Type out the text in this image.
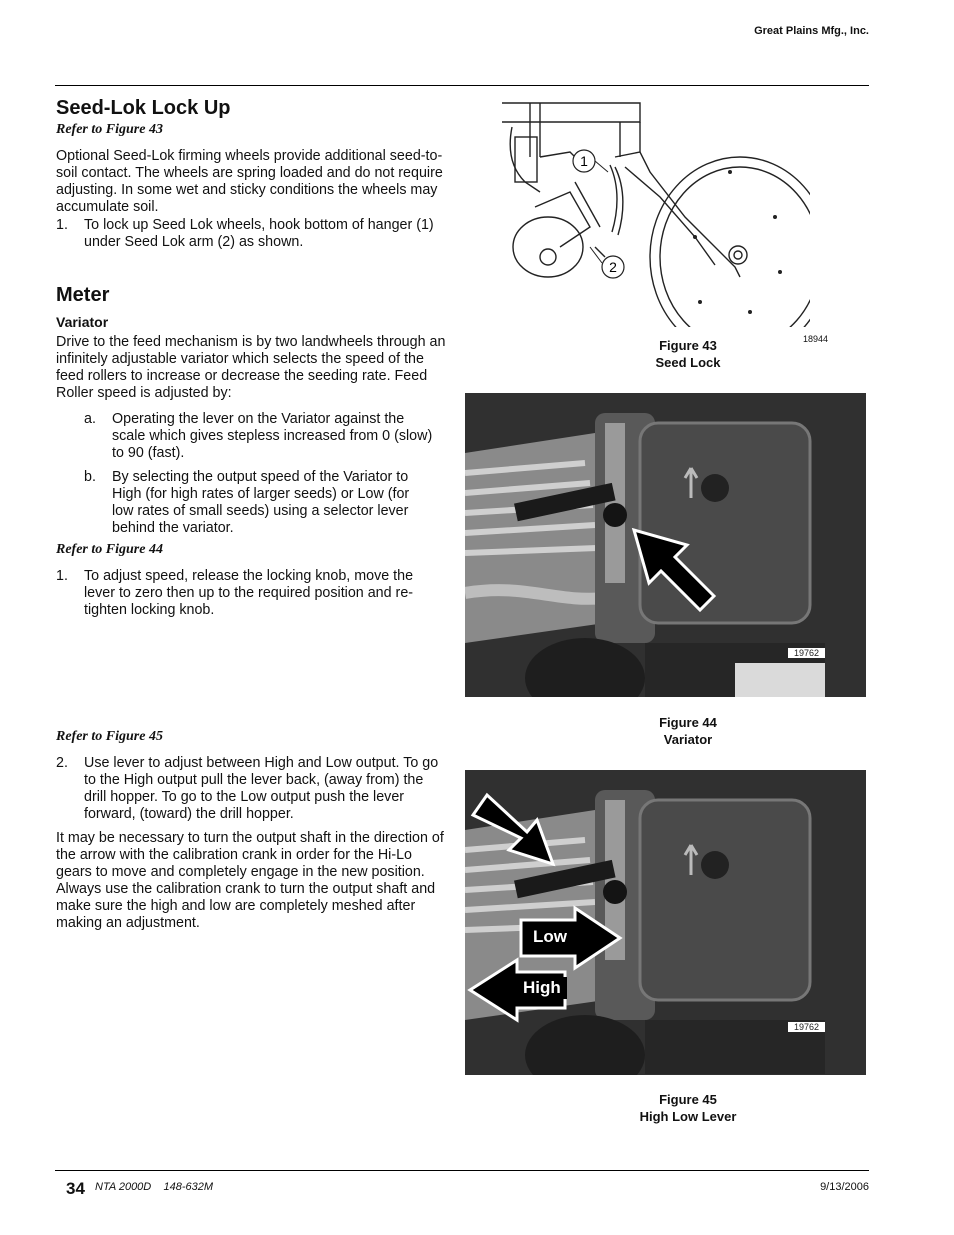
Great Plains Mfg., Inc.
Seed-Lok Lock Up
Refer to Figure 43
Optional Seed-Lok firming wheels provide additional seed-to-soil contact. The wheels are spring loaded and do not require adjusting. In some wet and sticky conditions the wheels may accumulate soil.
1. To lock up Seed Lok wheels, hook bottom of hanger (1) under Seed Lok arm (2) as shown.
Meter
Variator
Drive to the feed mechanism is by two landwheels through an infinitely adjustable variator which selects the speed of the feed rollers to increase or decrease the seeding rate. Feed Roller speed is adjusted by:
a. Operating the lever on the Variator against the scale which gives stepless increased from 0 (slow) to 90 (fast).
b. By selecting the output speed of the Variator to High (for high rates of larger seeds) or Low (for low rates of small seeds) using a selector lever behind the variator.
Refer to Figure 44
1. To adjust speed, release the locking knob, move the lever to zero then up to the required position and re-tighten locking knob.
Refer to Figure 45
2. Use lever to adjust between High and Low output. To go to the High output pull the lever back, (away from) the drill hopper. To go to the Low output push the lever forward, (toward) the drill hopper.
It may be necessary to turn the output shaft in the direction of the arrow with the calibration crank in order for the Hi-Lo gears to move and completely engage in the new position. Always use the calibration crank to turn the output shaft and make sure the high and low are completely meshed after making an adjustment.
1
2
Figure 43
Seed Lock
18944
19762
Figure 44
Variator
Low
High
19762
Figure 45
High Low Lever
34 NTA 2000D    148-632M	9/13/2006
